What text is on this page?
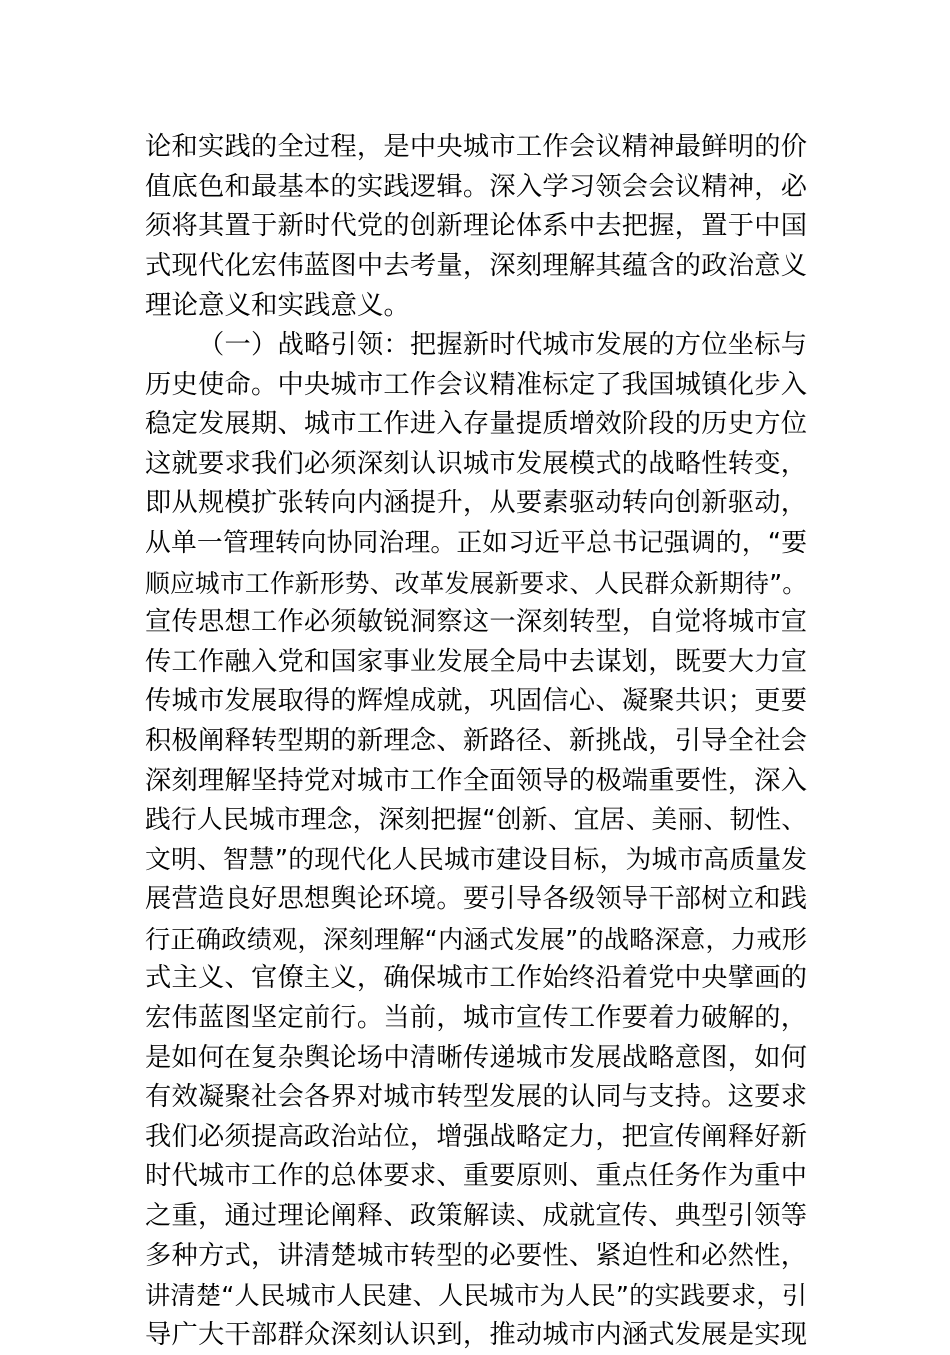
论和实践的全过程，是中央城市工作会议精神最鲜明的价
值底色和最基本的实践逻辑。深入学习领会会议精神，必
须将其置于新时代党的创新理论体系中去把握，置于中国
式现代化宏伟蓝图中去考量，深刻理解其蕴含的政治意义
理论意义和实践意义。
（一）战略引领：把握新时代城市发展的方位坐标与
历史使命。中央城市工作会议精准标定了我国城镇化步入
稳定发展期、城市工作进入存量提质增效阶段的历史方位
这就要求我们必须深刻认识城市发展模式的战略性转变，
即从规模扩张转向内涵提升，从要素驱动转向创新驱动，
从单一管理转向协同治理。正如习近平总书记强调的，“要
顺应城市工作新形势、改革发展新要求、人民群众新期待”。
宣传思想工作必须敏锐洞察这一深刻转型，自觉将城市宣
传工作融入党和国家事业发展全局中去谋划，既要大力宣
传城市发展取得的辉煌成就，巩固信心、凝聚共识；更要
积极阐释转型期的新理念、新路径、新挑战，引导全社会
深刻理解坚持党对城市工作全面领导的极端重要性，深入
践行人民城市理念，深刻把握“创新、宜居、美丽、韧性、
文明、智慧”的现代化人民城市建设目标，为城市高质量发
展营造良好思想舆论环境。要引导各级领导干部树立和践
行正确政绩观，深刻理解“内涵式发展”的战略深意，力戒形
式主义、官僚主义，确保城市工作始终沿着党中央擘画的
宏伟蓝图坚定前行。当前，城市宣传工作要着力破解的，
是如何在复杂舆论场中清晰传递城市发展战略意图，如何
有效凝聚社会各界对城市转型发展的认同与支持。这要求
我们必须提高政治站位，增强战略定力，把宣传阐释好新
时代城市工作的总体要求、重要原则、重点任务作为重中
之重，通过理论阐释、政策解读、成就宣传、典型引领等
多种方式，讲清楚城市转型的必要性、紧迫性和必然性，
讲清楚“人民城市人民建、人民城市为人民”的实践要求，引
导广大干部群众深刻认识到，推动城市内涵式发展是实现
